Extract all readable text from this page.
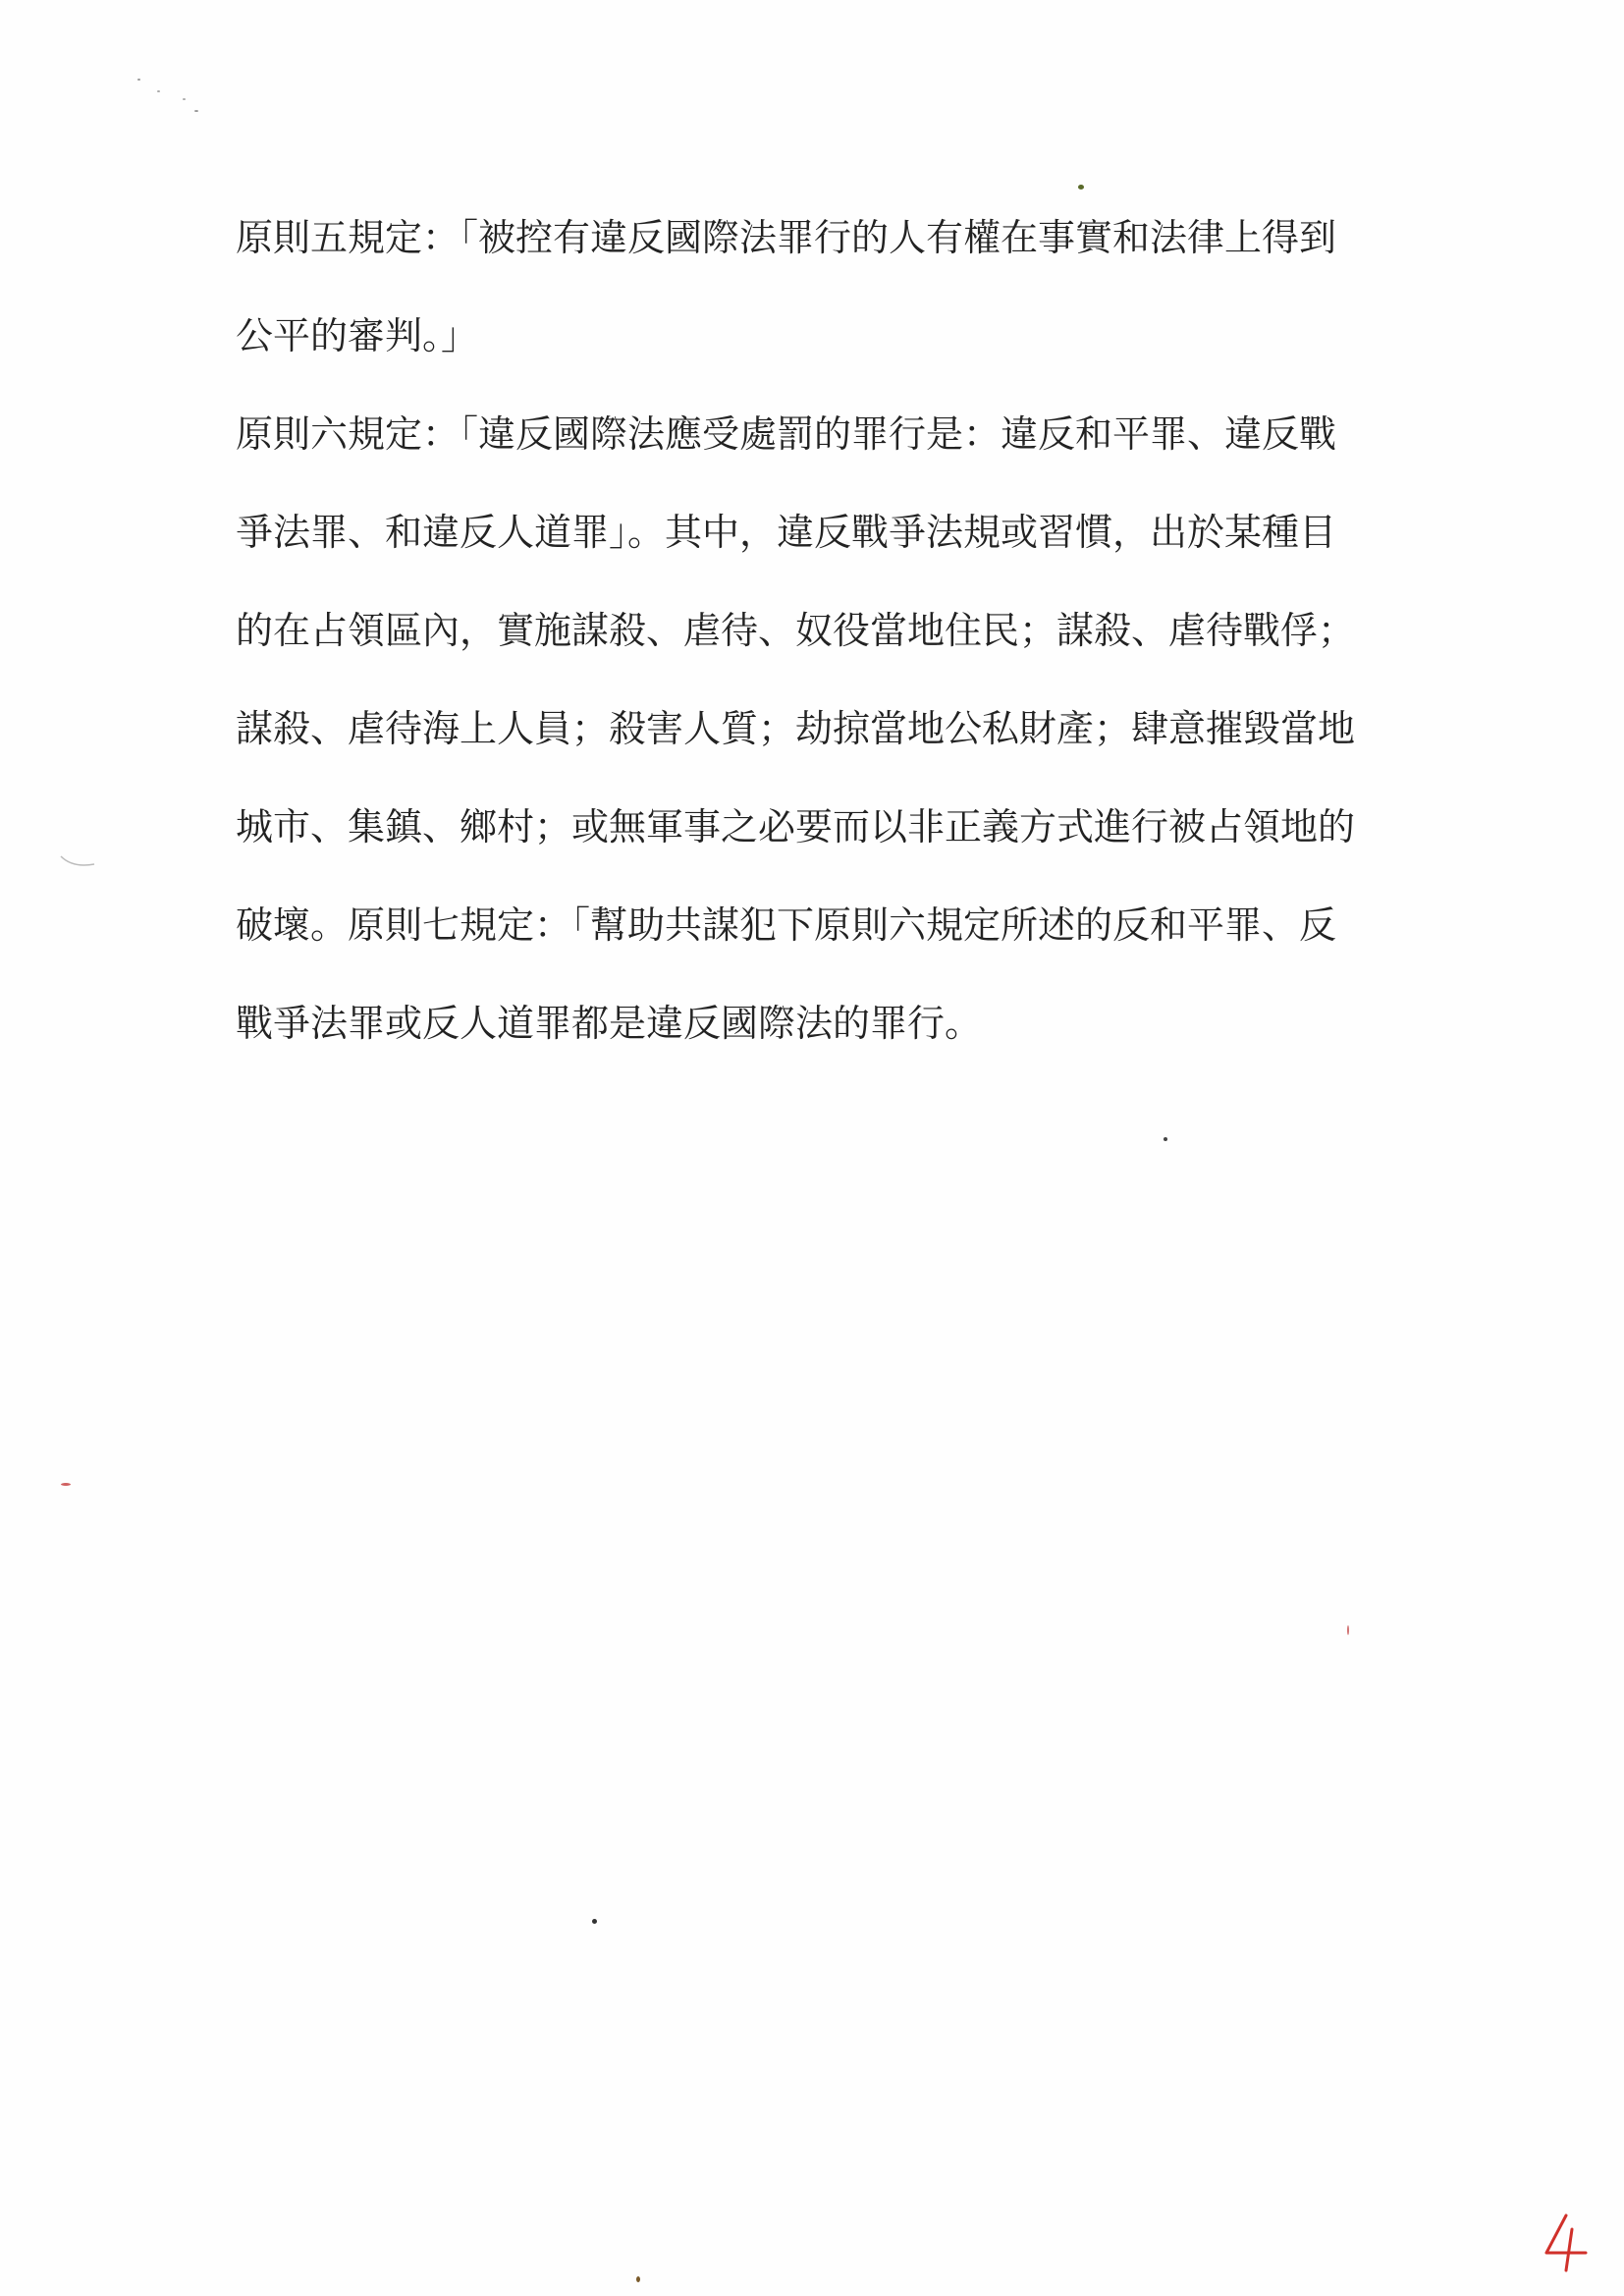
原則五規定：「被控有違反國際法罪行的人有權在事實和法律上得到
公平的審判。」
原則六規定：「違反國際法應受處罰的罪行是：違反和平罪、違反戰
爭法罪、和違反人道罪」。其中，違反戰爭法規或習慣，出於某種目
的在占領區內，實施謀殺、虐待、奴役當地住民；謀殺、虐待戰俘；
謀殺、虐待海上人員；殺害人質；劫掠當地公私財產；肆意摧毀當地
城市、集鎮、鄉村；或無軍事之必要而以非正義方式進行被占領地的
破壞。原則七規定：「幫助共謀犯下原則六規定所述的反和平罪、反
戰爭法罪或反人道罪都是違反國際法的罪行。
